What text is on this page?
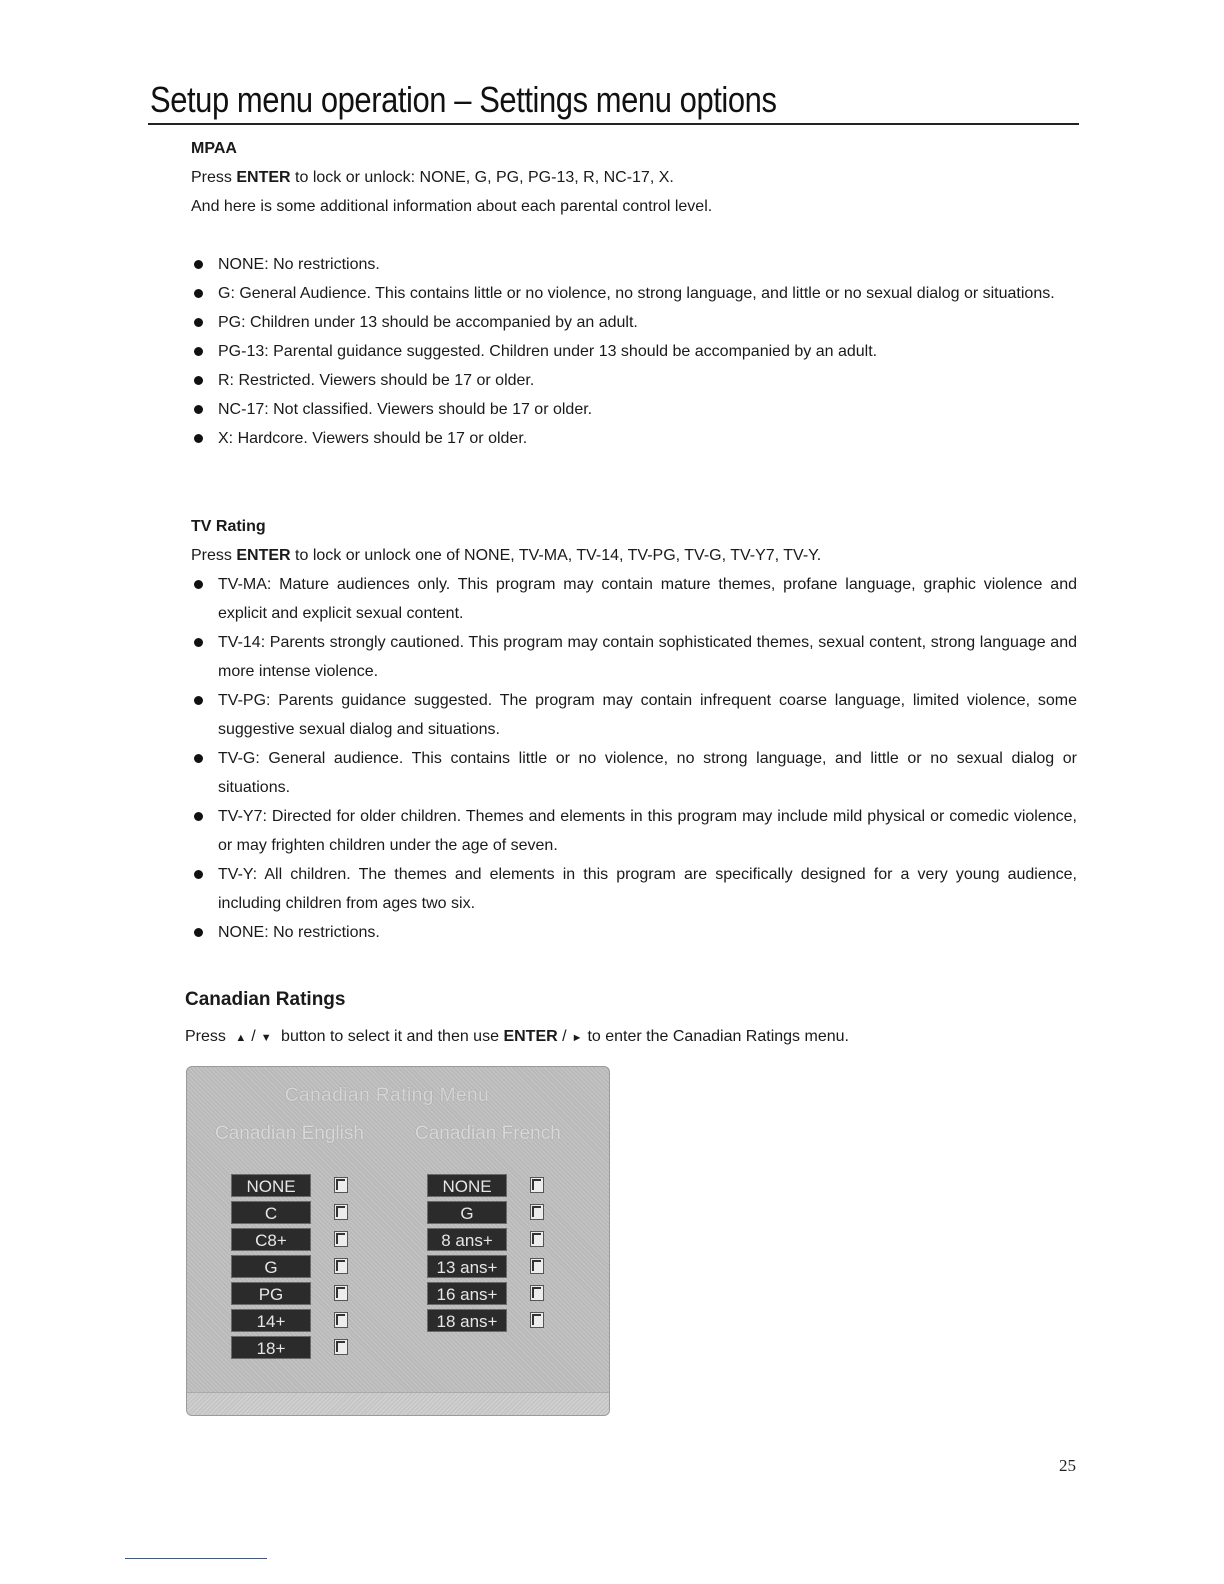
Setup menu operation – Settings menu options
MPAA
Press ENTER to lock or unlock: NONE, G, PG, PG-13, R, NC-17, X.
And here is some additional information about each parental control level.
NONE: No restrictions.
G: General Audience. This contains little or no violence, no strong language, and little or no sexual dialog or situations.
PG: Children under 13 should be accompanied by an adult.
PG-13: Parental guidance suggested. Children under 13 should be accompanied by an adult.
R: Restricted. Viewers should be 17 or older.
NC-17: Not classified. Viewers should be 17 or older.
X: Hardcore. Viewers should be 17 or older.
TV Rating
Press ENTER to lock or unlock one of NONE, TV-MA, TV-14, TV-PG, TV-G, TV-Y7, TV-Y.
TV-MA: Mature audiences only. This program may contain mature themes, profane language, graphic violence and explicit and explicit sexual content.
TV-14: Parents strongly cautioned. This program may contain sophisticated themes, sexual content, strong language and more intense violence.
TV-PG: Parents guidance suggested. The program may contain infrequent coarse language, limited violence, some suggestive sexual dialog and situations.
TV-G: General audience. This contains little or no violence, no strong language, and little or no sexual dialog or situations.
TV-Y7: Directed for older children. Themes and elements in this program may include mild physical or comedic violence, or may frighten children under the age of seven.
TV-Y: All children. The themes and elements in this program are specifically designed for a very young audience, including children from ages two six.
NONE: No restrictions.
Canadian Ratings
Press ▲ / ▼ button to select it and then use ENTER / ► to enter the Canadian Ratings menu.
Canadian Rating Menu
Canadian English	Canadian French
NONE
C
C8+
G
PG
14+
18+
NONE
G
8 ans+
13 ans+
16 ans+
18 ans+
25
